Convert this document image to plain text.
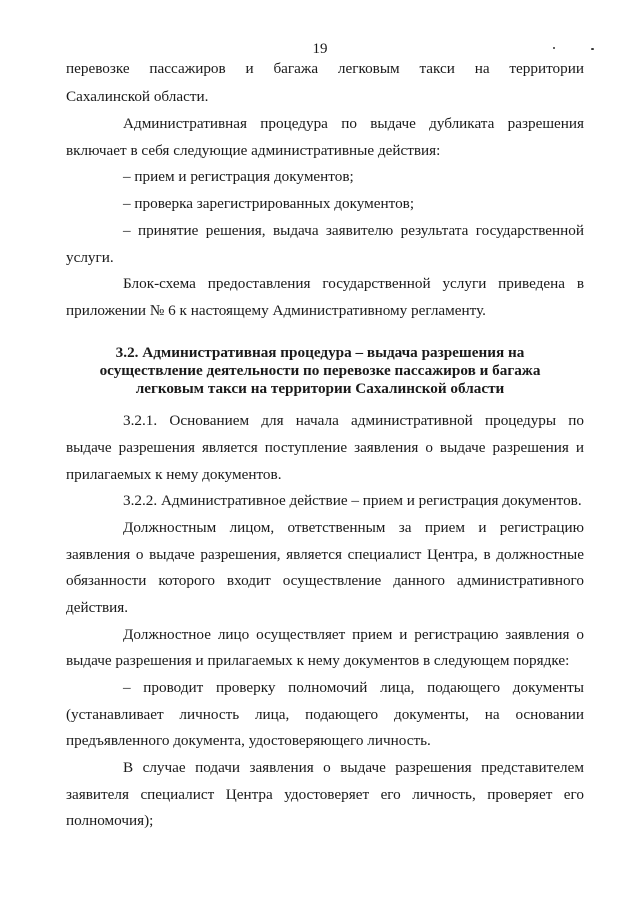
19
перевозке пассажиров и багажа легковым такси на территории
Сахалинской области.
Административная процедура по выдаче дубликата разрешения
включает в себя следующие административные действия:
– прием и регистрация документов;
– проверка зарегистрированных документов;
– принятие решения, выдача заявителю результата государственной
услуги.
Блок-схема предоставления государственной услуги приведена в
приложении № 6 к настоящему Административному регламенту.
3.2. Административная процедура – выдача разрешения на
осуществление деятельности по перевозке пассажиров и багажа
легковым такси на территории Сахалинской области
3.2.1. Основанием для начала административной процедуры по
выдаче разрешения является поступление заявления о выдаче разрешения и
прилагаемых к нему документов.
3.2.2. Административное действие – прием и регистрация документов.
Должностным лицом, ответственным за прием и регистрацию
заявления о выдаче разрешения, является специалист Центра, в должностные
обязанности которого входит осуществление данного административного
действия.
Должностное лицо осуществляет прием и регистрацию заявления о
выдаче разрешения и прилагаемых к нему документов в следующем порядке:
– проводит проверку полномочий лица, подающего документы
(устанавливает личность лица, подающего документы, на основании
предъявленного документа, удостоверяющего личность.
В случае подачи заявления о выдаче разрешения представителем
заявителя специалист Центра удостоверяет его личность, проверяет его
полномочия);
